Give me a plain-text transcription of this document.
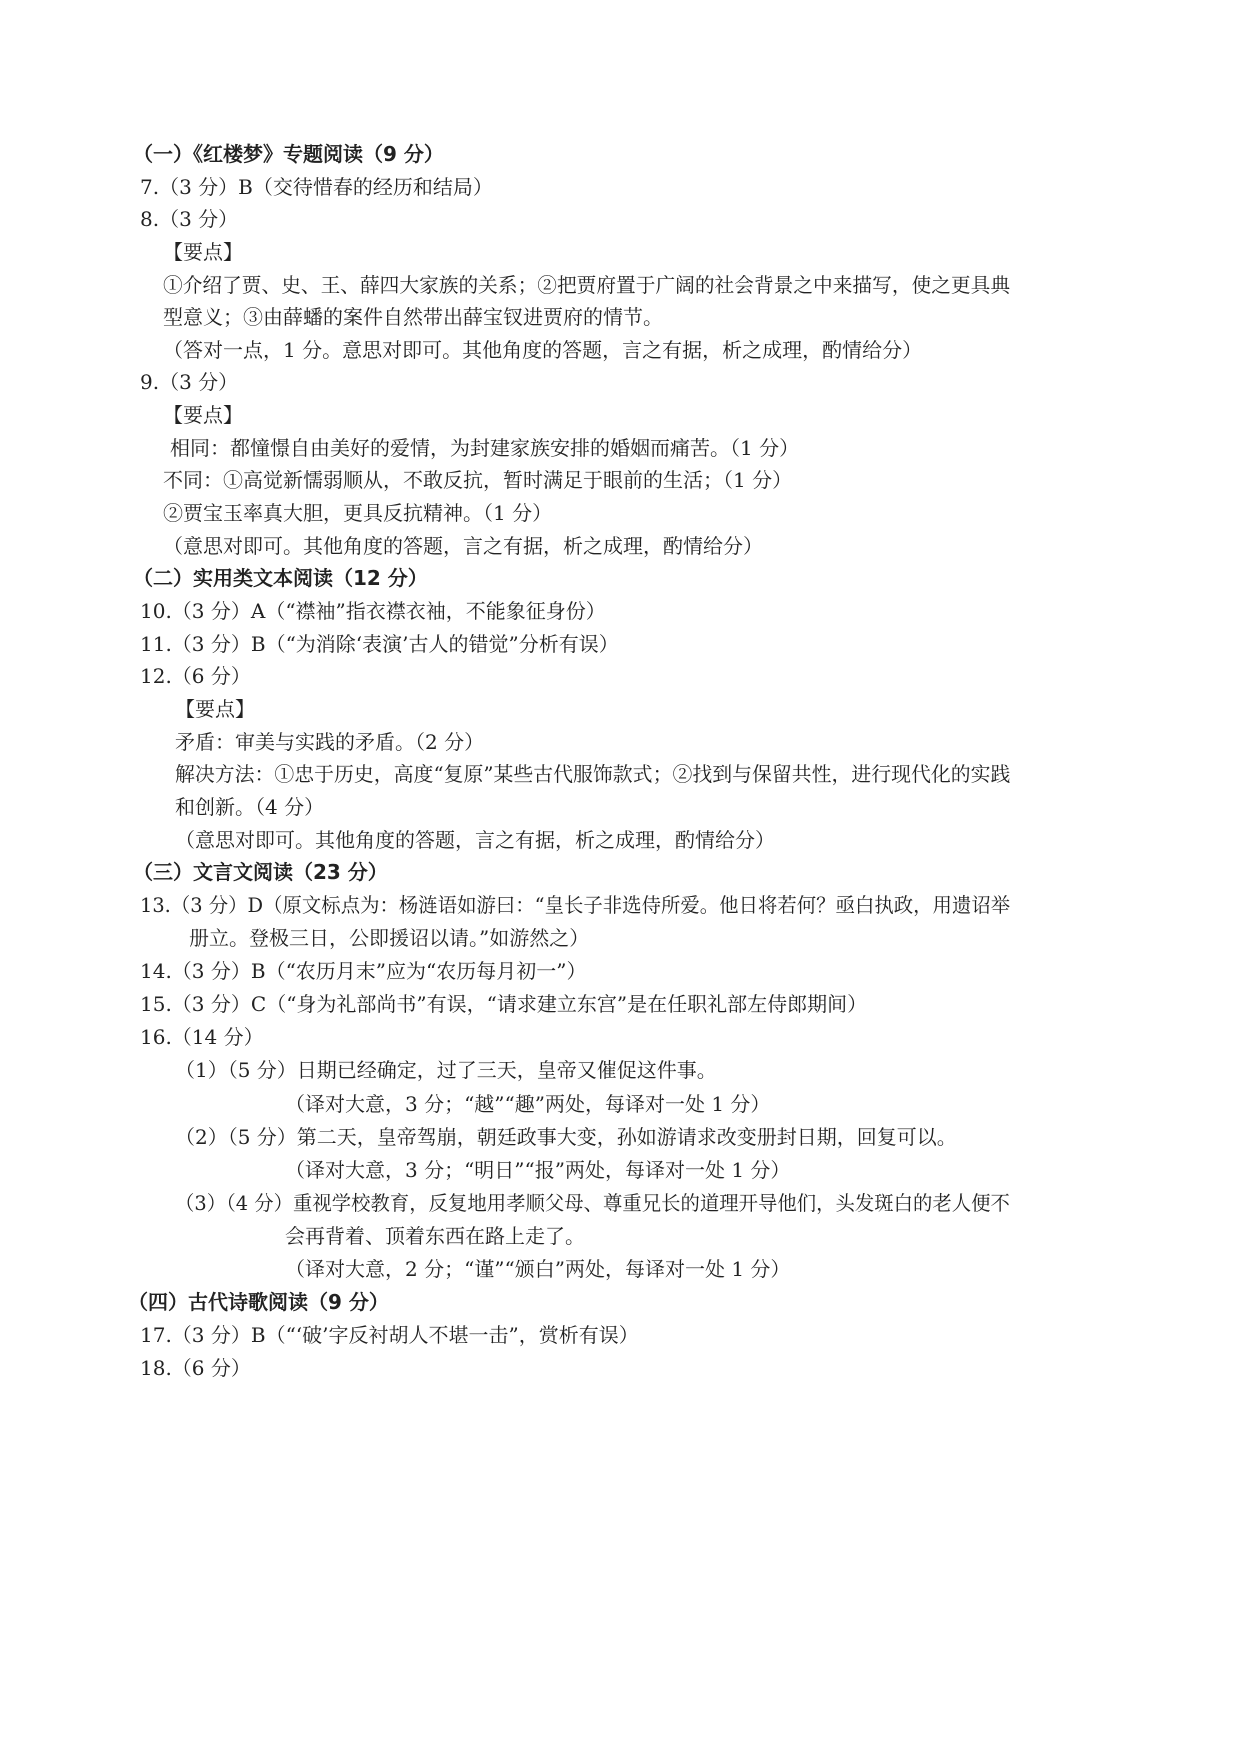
（一）《红楼梦》专题阅读（9 分）
7.（3 分）B（交待惜春的经历和结局）
8.（3 分）
【要点】
①介绍了贾、史、王、薛四大家族的关系；②把贾府置于广阔的社会背景之中来描写，使之更具典
型意义；③由薛蟠的案件自然带出薛宝钗进贾府的情节。
（答对一点，1 分。意思对即可。其他角度的答题，言之有据，析之成理，酌情给分）
9.（3 分）
【要点】
相同：都憧憬自由美好的爱情，为封建家族安排的婚姻而痛苦。（1 分）
不同：①高觉新懦弱顺从，不敢反抗，暂时满足于眼前的生活；（1 分）
②贾宝玉率真大胆，更具反抗精神。（1 分）
（意思对即可。其他角度的答题，言之有据，析之成理，酌情给分）
（二）实用类文本阅读（12 分）
10.（3 分）A（“襟袖”指衣襟衣袖，不能象征身份）
11.（3 分）B（“为消除‘表演’古人的错觉”分析有误）
12.（6 分）
【要点】
矛盾：审美与实践的矛盾。（2 分）
解决方法：①忠于历史，高度“复原”某些古代服饰款式；②找到与保留共性，进行现代化的实践
和创新。（4 分）
（意思对即可。其他角度的答题，言之有据，析之成理，酌情给分）
（三）文言文阅读（23 分）
13.（3 分）D（原文标点为：杨涟语如游曰：“皇长子非选侍所爱。他日将若何？亟白执政，用遗诏举
册立。登极三日，公即援诏以请。”如游然之）
14.（3 分）B（“农历月末”应为“农历每月初一”）
15.（3 分）C（“身为礼部尚书”有误，“请求建立东宫”是在任职礼部左侍郎期间）
16.（14 分）
（1）（5 分）日期已经确定，过了三天，皇帝又催促这件事。
（译对大意，3 分；“越”“趣”两处，每译对一处 1 分）
（2）（5 分）第二天，皇帝驾崩，朝廷政事大变，孙如游请求改变册封日期，回复可以。
（译对大意，3 分；“明日”“报”两处，每译对一处 1 分）
（3）（4 分）重视学校教育，反复地用孝顺父母、尊重兄长的道理开导他们，头发斑白的老人便不
会再背着、顶着东西在路上走了。
（译对大意，2 分；“谨”“颁白”两处，每译对一处 1 分）
（四）古代诗歌阅读（9 分）
17.（3 分）B（“‘破’字反衬胡人不堪一击”，赏析有误）
18.（6 分）
